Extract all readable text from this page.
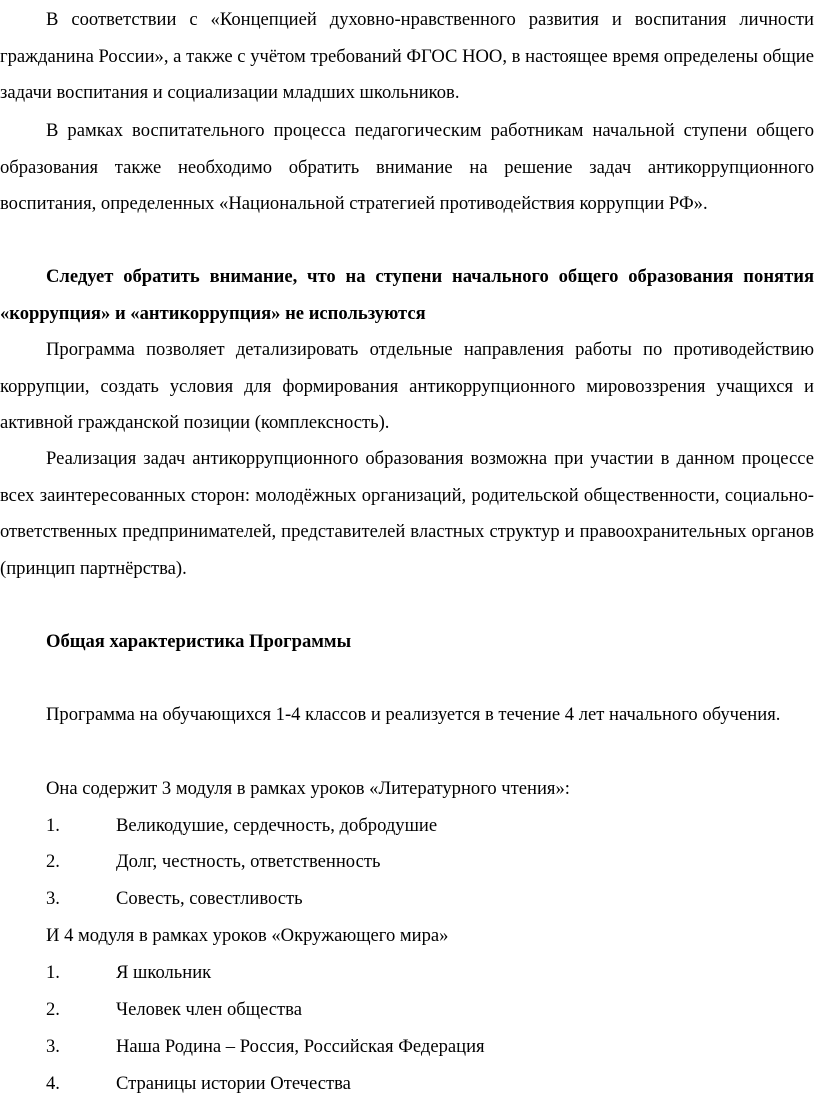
В соответствии с «Концепцией духовно-нравственного развития и воспитания личности гражданина России», а также с учётом требований ФГОС НОО, в настоящее время определены общие задачи воспитания и социализации младших школьников.

В рамках воспитательного процесса педагогическим работникам начальной ступени общего образования также необходимо обратить внимание на решение задач антикоррупционного воспитания, определенных «Национальной стратегией противодействия коррупции РФ».

Следует обратить внимание, что на ступени начального общего образования понятия «коррупция» и «антикоррупция» не используются

Программа позволяет детализировать отдельные направления работы по противодействию коррупции, создать условия для формирования антикоррупционного мировоззрения учащихся и активной гражданской позиции (комплексность).

Реализация задач антикоррупционного образования возможна при участии в данном процессе всех заинтересованных сторон: молодёжных организаций, родительской общественности, социально-ответственных предпринимателей, представителей властных структур и правоохранительных органов (принцип партнёрства).

Общая характеристика Программы

Программа на обучающихся 1-4 классов и реализуется в течение 4 лет начального обучения.

Она содержит 3 модуля в рамках уроков «Литературного чтения»:

1.	Великодушие, сердечность, добродушие

2.	Долг, честность, ответственность

3.	Совесть, совестливость

И 4 модуля в рамках уроков «Окружающего мира»

1.	Я школьник

2.	Человек член общества

3.	Наша Родина – Россия, Российская Федерация

4.	Страницы истории Отечества
